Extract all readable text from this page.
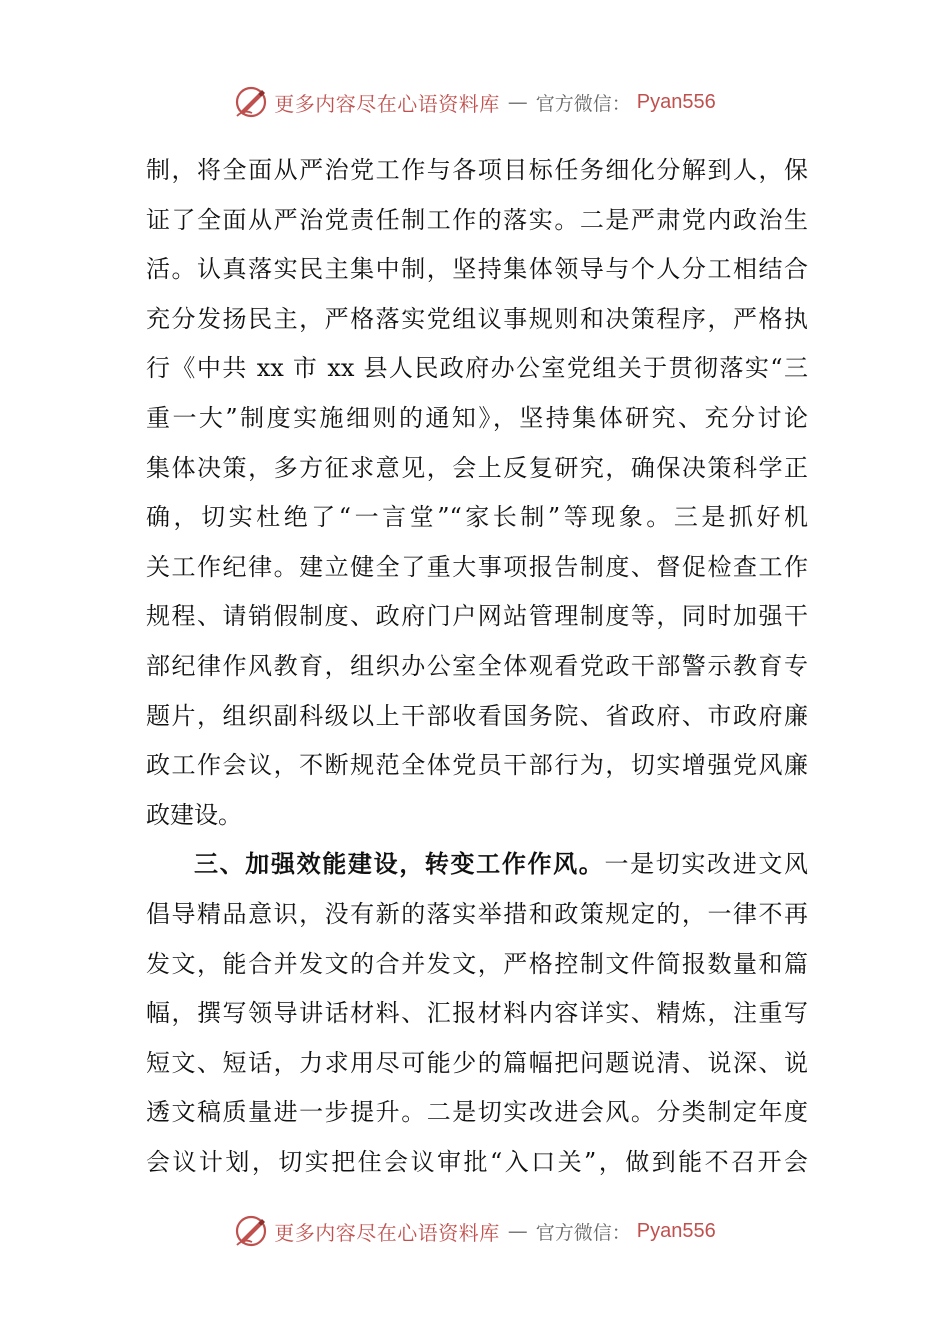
更多内容尽在心语资料库 — 官方微信： Pyan556
制，将全面从严治党工作与各项目标任务细化分解到人，保
证了全面从严治党责任制工作的落实。二是严肃党内政治生
活。认真落实民主集中制，坚持集体领导与个人分工相结合
充分发扬民主，严格落实党组议事规则和决策程序，严格执
行《中共 xx 市 xx 县人民政府办公室党组关于贯彻落实“三
重一大”制度实施细则的通知》，坚持集体研究、充分讨论
集体决策，多方征求意见，会上反复研究，确保决策科学正
确，切实杜绝了“一言堂”“家长制”等现象。三是抓好机
关工作纪律。建立健全了重大事项报告制度、督促检查工作
规程、请销假制度、政府门户网站管理制度等，同时加强干
部纪律作风教育，组织办公室全体观看党政干部警示教育专
题片，组织副科级以上干部收看国务院、省政府、市政府廉
政工作会议，不断规范全体党员干部行为，切实增强党风廉
政建设。
三、加强效能建设，转变工作作风。一是切实改进文风
倡导精品意识，没有新的落实举措和政策规定的，一律不再
发文，能合并发文的合并发文，严格控制文件简报数量和篇
幅，撰写领导讲话材料、汇报材料内容详实、精炼，注重写
短文、短话，力求用尽可能少的篇幅把问题说清、说深、说
透文稿质量进一步提升。二是切实改进会风。分类制定年度
会议计划，切实把住会议审批“入口关”，做到能不召开会
更多内容尽在心语资料库 — 官方微信： Pyan556
